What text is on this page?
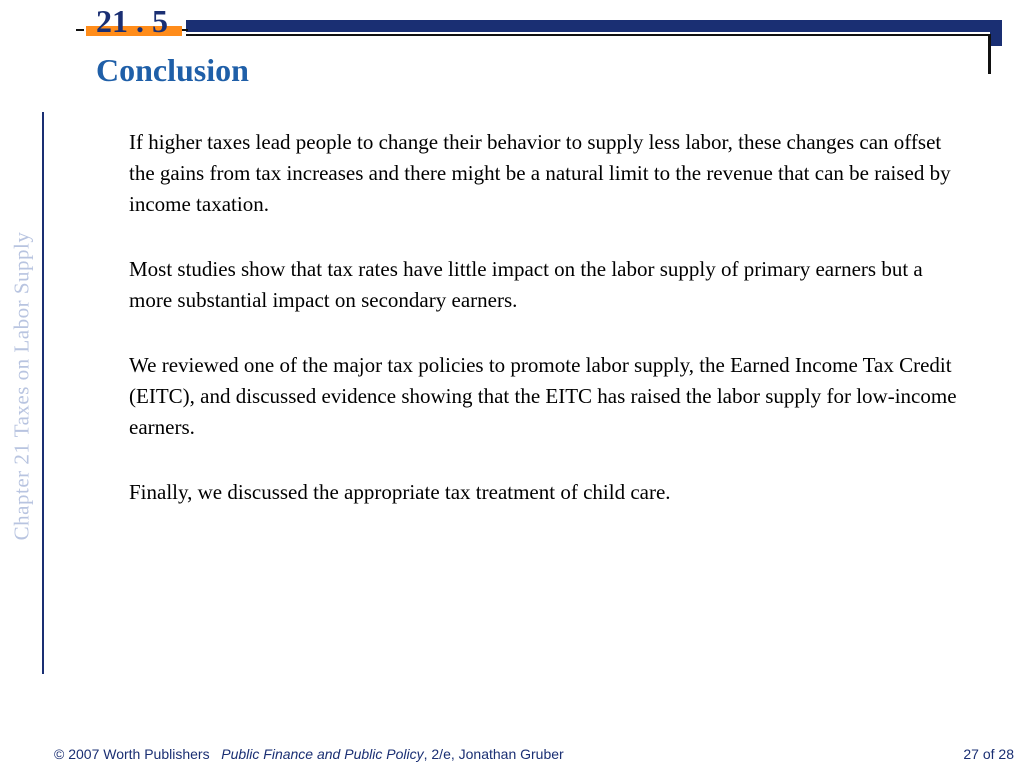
21 . 5
Conclusion
Chapter 21 Taxes on Labor Supply

If higher taxes lead people to change their behavior to supply less labor, these changes can offset the gains from tax increases and there might be a natural limit to the revenue that can be raised by income taxation.

Most studies show that tax rates have little impact on the labor supply of primary earners but a more substantial impact on secondary earners.

We reviewed one of the major tax policies to promote labor supply, the Earned Income Tax Credit (EITC), and discussed evidence showing that the EITC has raised the labor supply for low-income earners.

Finally, we discussed the appropriate tax treatment of child care.

© 2007 Worth Publishers Public Finance and Public Policy, 2/e, Jonathan Gruber	27 of 28
